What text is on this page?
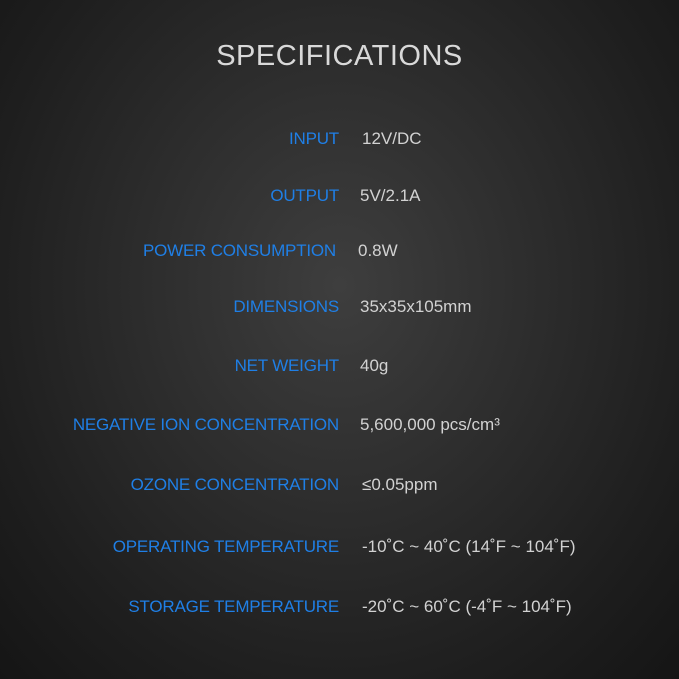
SPECIFICATIONS
INPUT 12V/DC
OUTPUT 5V/2.1A
POWER CONSUMPTION 0.8W
DIMENSIONS 35x35x105mm
NET WEIGHT 40g
NEGATIVE ION CONCENTRATION 5,600,000 pcs/cm³
OZONE CONCENTRATION ≤0.05ppm
OPERATING TEMPERATURE -10˚C ~ 40˚C (14˚F ~ 104˚F)
STORAGE TEMPERATURE -20˚C ~ 60˚C (-4˚F ~ 104˚F)
